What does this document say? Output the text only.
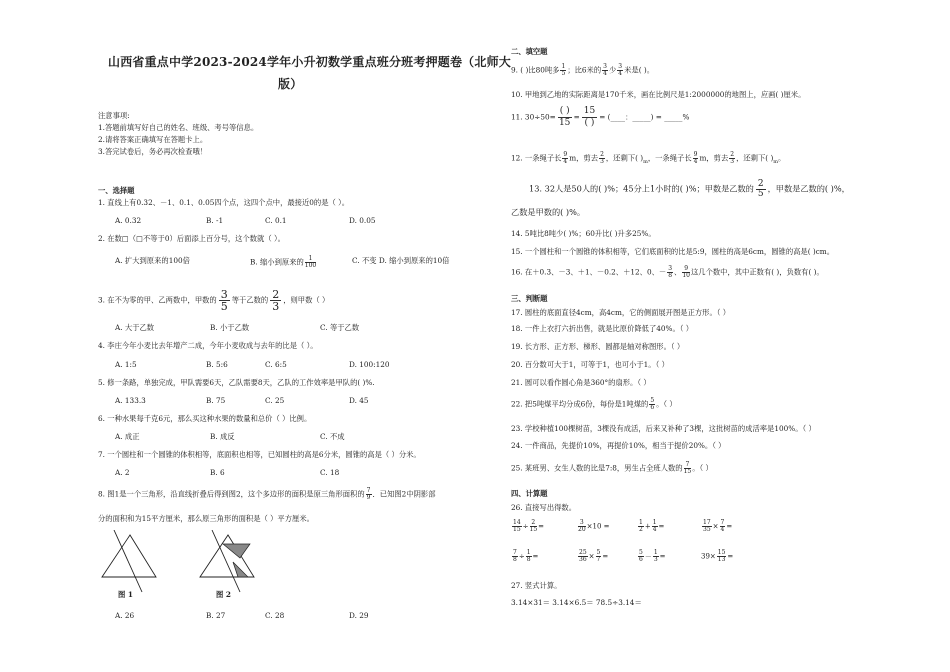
山西省重点中学2023-2024学年小升初数学重点班分班考押题卷（北师大
版）
注意事项:
1.答题前填写好自己的姓名、班级、考号等信息。
2.请将答案正确填写在答题卡上。
3.答完试卷后，务必再次检查哦！
一、选择题
1. 直线上有0.32、－1、0.1、0.05四个点，这四个点中，最接近0的是（ ）。
A. 0.32	B. -1	C. 0.1	D. 0.05
2. 在数□（□不等于0）后面添上百分号，这个数就（ ）。
A. 扩大到原来的100倍	B. 缩小到原来的 $\frac{1}{100}$	C. 不变 D. 缩小到原来的10倍
3. 在不为零的甲、乙两数中，甲数的 $\frac{3}{5}$ 等于乙数的 $\frac{2}{3}$ ，则甲数（ ）
A. 大于乙数	B. 小于乙数	C. 等于乙数
4. 李庄今年小麦比去年增产二成，今年小麦收成与去年的比是（ ）。
A. 1:5	B. 5:6	C. 6:5	D. 100:120
5. 修一条路，单独完成，甲队需要6天，乙队需要8天，乙队的工作效率是甲队的( )%.
A. 133.3	B. 75	C. 25	D. 45
6. 一种水果每千克6元，那么买这种水果的数量和总价（ ）比例。
A. 成正	B. 成反	C. 不成
7. 一个圆柱和一个圆锥的体积相等，底面积也相等，已知圆柱的高是6分米，圆锥的高是（ ）分米。
A. 2	B. 6	C. 18
8. 图1是一个三角形，沿直线折叠后得到图2，这个多边形的面积是原三角形面积的 $\frac{7}{9}$ ．已知图2中阴影部
分的面积和为15平方厘米，那么原三角形的面积是（ ）平方厘米。
图 1	图 2
A. 26	B. 27	C. 28	D. 29
二、填空题
9. ( )比80吨多 $\frac{1}{5}$ ；比6米的 $\frac{3}{4}$ 少 $\frac{3}{4}$ 米是( )。
10. 甲地到乙地的实际距离是170千米，画在比例尺是1:2000000的地图上，应画( )厘米。
11. 30÷50=
( )
15
=
15
( )
= (____：_____) = _____%
12. 一条绳子长 $\frac{9}{4}$ m，剪去 $\frac{2}{3}$ ，还剩下( )$_m$，一条绳子长 $\frac{9}{4}$ m，剪去 $\frac{2}{3}$ ，还剩下( )$_m$。
13. 32人是50人的( )%；45分上1小时的( )%；甲数是乙数的 $\frac{2}{5}$ ，甲数是乙数的( )%，
乙数是甲数的( )%。
14. 5吨比8吨少( )%；60升比( )升多25%。
15. 一个圆柱和一个圆锥的体积相等，它们底面积的比是5:9，圆柱的高是6cm，圆锥的高是( )cm。
16. 在＋0.3、－3、＋1、－0.2、＋12、0、－ $\frac{3}{8}$ 、 $\frac{9}{10}$ 这几个数中，其中正数有( )，负数有( )。
三、判断题
17. 圆柱的底面直径4cm，高4cm，它的侧面展开图是正方形。（ ）
18. 一件上衣打六折出售，就是比原价降低了40%。（ ）
19. 长方形、正方形、梯形、圆都是轴对称图形。（ ）
20. 百分数可大于1，可等于1，也可小于1。（ ）
21. 圆可以看作圆心角是360°的扇形。（ ）
22. 把5吨煤平均分成6份，每份是1吨煤的 $\frac{5}{6}$ 。（ ）
23. 学校种植100棵树苗，3棵没有成活，后来又补种了3棵，这批树苗的成活率是100%。（ ）
24. 一件商品，先提价10%，再提价10%，相当于提价20%。（ ）
25. 某班男、女生人数的比是7:8，男生占全班人数的 $\frac{7}{15}$ 。（ ）
四、计算题
26. 直接写出得数。
$\frac{14}{15} \div \frac{2}{15}$ =	$\frac{3}{20} \times 10$ =	$\frac{1}{2} + \frac{1}{4}$ =	$\frac{17}{35} \times \frac{7}{4}$ =
$\frac{7}{8} \div \frac{1}{8}$ =	$\frac{25}{36} \times \frac{5}{7}$ =	$\frac{5}{6} - \frac{1}{3}$ =	$39\times \frac{15}{13}$ =
27. 竖式计算。
3.14×31＝ 3.14×6.5＝ 78.5÷3.14＝
